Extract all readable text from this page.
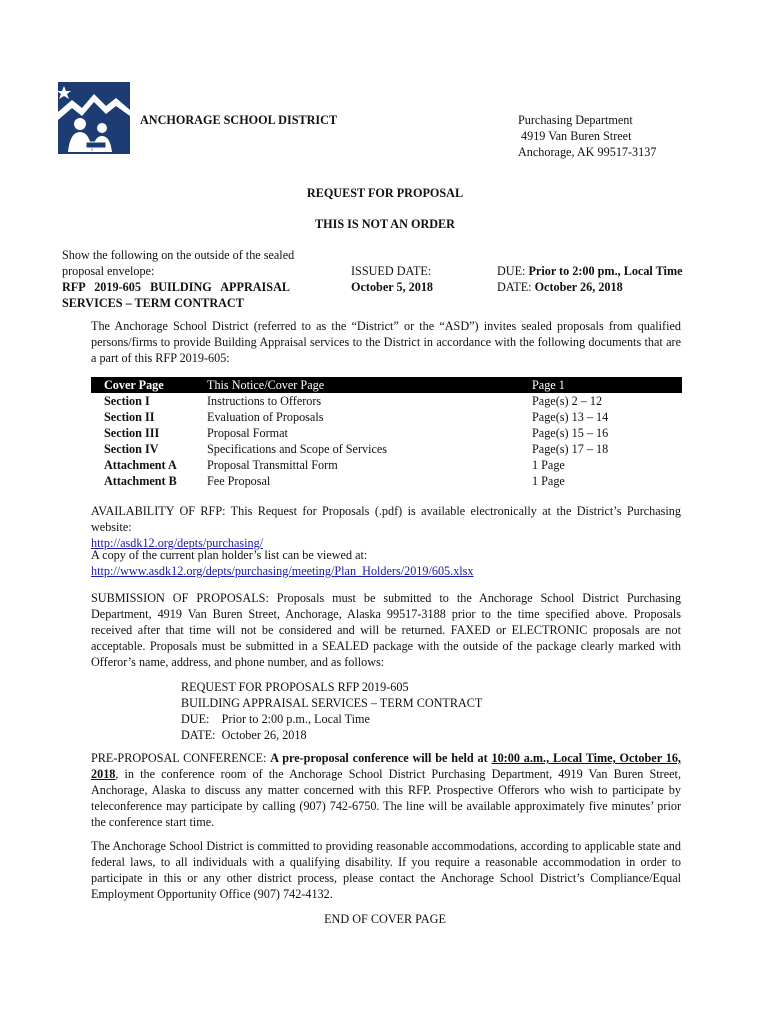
ANCHORAGE SCHOOL DISTRICT	Purchasing Department
4919 Van Buren Street
Anchorage, AK 99517-3137
REQUEST FOR PROPOSAL
THIS IS NOT AN ORDER
Show the following on the outside of the sealed
proposal envelope:
RFP 2019-605 BUILDING APPRAISAL
SERVICES – TERM CONTRACT
ISSUED DATE:
October 5, 2018
DUE: Prior to 2:00 pm., Local Time
DATE: October 26, 2018
The Anchorage School District (referred to as the “District” or the “ASD”) invites sealed proposals from qualified persons/firms to provide Building Appraisal services to the District in accordance with the following documents that are a part of this RFP 2019-605:
Cover Page	This Notice/Cover Page	Page 1
Section I	Instructions to Offerors	Page(s) 2 – 12
Section II	Evaluation of Proposals	Page(s) 13 – 14
Section III	Proposal Format	Page(s) 15 – 16
Section IV	Specifications and Scope of Services	Page(s) 17 – 18
Attachment A	Proposal Transmittal Form	1 Page
Attachment B	Fee Proposal	1 Page
AVAILABILITY OF RFP: This Request for Proposals (.pdf) is available electronically at the District’s Purchasing website:
http://asdk12.org/depts/purchasing/
A copy of the current plan holder’s list can be viewed at:
http://www.asdk12.org/depts/purchasing/meeting/Plan_Holders/2019/605.xlsx
SUBMISSION OF PROPOSALS: Proposals must be submitted to the Anchorage School District Purchasing Department, 4919 Van Buren Street, Anchorage, Alaska 99517-3188 prior to the time specified above. Proposals received after that time will not be considered and will be returned. FAXED or ELECTRONIC proposals are not acceptable. Proposals must be submitted in a SEALED package with the outside of the package clearly marked with Offeror’s name, address, and phone number, and as follows:
REQUEST FOR PROPOSALS RFP 2019-605
BUILDING APPRAISAL SERVICES – TERM CONTRACT
DUE:    Prior to 2:00 p.m., Local Time
DATE:  October 26, 2018
PRE-PROPOSAL CONFERENCE: A pre-proposal conference will be held at 10:00 a.m., Local Time, October 16, 2018, in the conference room of the Anchorage School District Purchasing Department, 4919 Van Buren Street, Anchorage, Alaska to discuss any matter concerned with this RFP. Prospective Offerors who wish to participate by teleconference may participate by calling (907) 742-6750. The line will be available approximately five minutes’ prior the conference start time.
The Anchorage School District is committed to providing reasonable accommodations, according to applicable state and federal laws, to all individuals with a qualifying disability. If you require a reasonable accommodation in order to participate in this or any other district process, please contact the Anchorage School District’s Compliance/Equal Employment Opportunity Office (907) 742-4132.
END OF COVER PAGE
